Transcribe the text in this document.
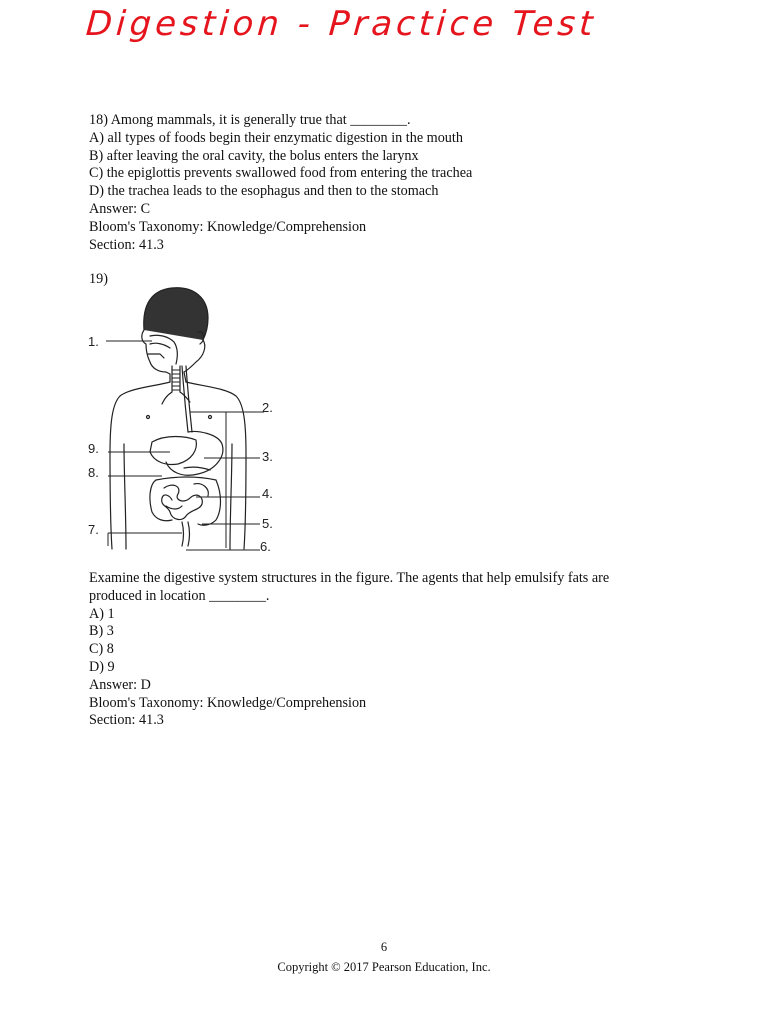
Digestion - Practice Test
18) Among mammals, it is generally true that ________.
A) all types of foods begin their enzymatic digestion in the mouth
B) after leaving the oral cavity, the bolus enters the larynx
C) the epiglottis prevents swallowed food from entering the trachea
D) the trachea leads to the esophagus and then to the stomach
Answer: C
Bloom's Taxonomy: Knowledge/Comprehension
Section: 41.3
19)
1.
2.
3.
4.
5.
6.
7.
8.
9.
Examine the digestive system structures in the figure. The agents that help emulsify fats are
produced in location ________.
A) 1
B) 3
C) 8
D) 9
Answer: D
Bloom's Taxonomy: Knowledge/Comprehension
Section: 41.3
6
Copyright © 2017 Pearson Education, Inc.
